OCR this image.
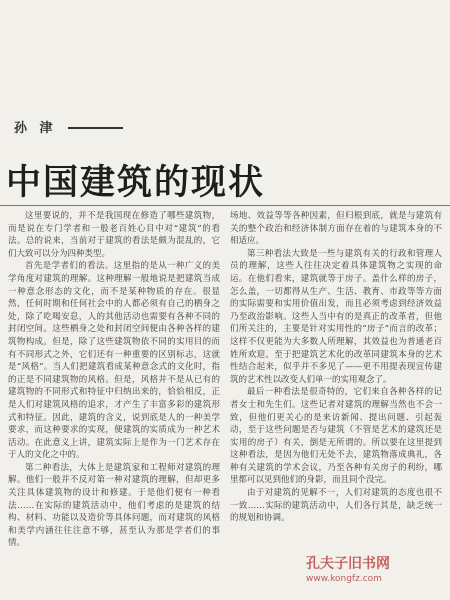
孙 津
中国建筑的现状

这里要说的，并不是我国现在修造了哪些建筑物，而是说在专门学者和一般老百姓心目中对“建筑”的看法。总的说来，当前对于建筑的看法是颇为混乱的，它们大致可以分为四种类型。

首先是学者们的看法。这里指的是从一种广义的美学角度对建筑的理解。这种理解一般地说是把建筑当成一种意念形态的文化，而不是某种物质的存在。很显然，任何时期和任何社会中的人都必须有自己的栖身之处，除了吃喝安息，人的其他活动也需要有各种不同的封闭空间。这些栖身之处和封闭空间便由各种各样的建筑物构成。但是，除了这些建筑物依不同的实用目的而有不同形式之外，它们还有一种重要的区别标志，这就是“风格”。当人们把建筑看成某种意念式的文化时，指的正是不同建筑物的风格。但是，风格并不是从已有的建筑物的不同形式和特征中归纳出来的，恰恰相反，正是人们对建筑风格的追求，才产生了丰富多彩的建筑形式和特征。因此，建筑的含义，说到底是人的一种美学要求，而这种要求的实现，便建筑的实质成为一种艺术活动。在此意义上讲，建筑实际上是作为一门艺术存在于人的文化之中的。

第二种看法，大体上是建筑家和工程师对建筑的理解。他们一般并不反对第一种对建筑的理解，但却更多关注具体建筑物的设计和修建。于是他们便有一种看法……在实际的建筑活动中，他们考虑的是建筑的结构、材料、功能以及造价等具体问题，而对建筑的风格和美学内涵往往注意不够，甚至认为那是学者们的事情。

场地、效益等等各种因素，但归根到底，就是与建筑有关的整个政治和经济体制方面存在着的与建筑本身的不相适应。

第三种看法大致是一些与建筑有关的行政和管理人员的理解，这些人往往决定着具体建筑物之实现的命运。在他们看来，建筑就等于房子。盖什么样的房子，怎么盖，一切都得从生产、生活、教育、市政等等方面的实际需要和实用价值出发，而且必须考虑到经济效益乃至政治影响。这些人当中有的是真正的改革者，但他们所关注的，主要是针对实用性的“房子”而言的改革；这样不仅更能为大多数人所理解，其效益也为普通老百姓所欢迎。至于把建筑艺术化的改革同建筑本身的艺术性结合起来，似乎并不多见了——更不用提表现宣传建筑的艺术性以改变人们单一的实用观念了。

最后一种看法是很奇特的，它们来自各种各样的记者女士和先生们。这些记者对建筑的理解当然也不会一致，但他们更关心的是来访新闻、提出问题、引起轰动，至于这些问题是否与建筑（不管是艺术的建筑还是实用的房子）有关，倒是无所谓的。所以要在这里提到这种看法，是因为他们无处不去，建筑物落成典礼，各种有关建筑的学术会议，乃至各种有关房子的利纷，哪里都可以见到他们的身影，而且同个没完。

由于对建筑的见解不一，人们对建筑的态度也很不一致……实际的建筑活动中，人们各行其是，缺乏统一的规划和协调。

孔夫子旧书网
www.kongfz.com
